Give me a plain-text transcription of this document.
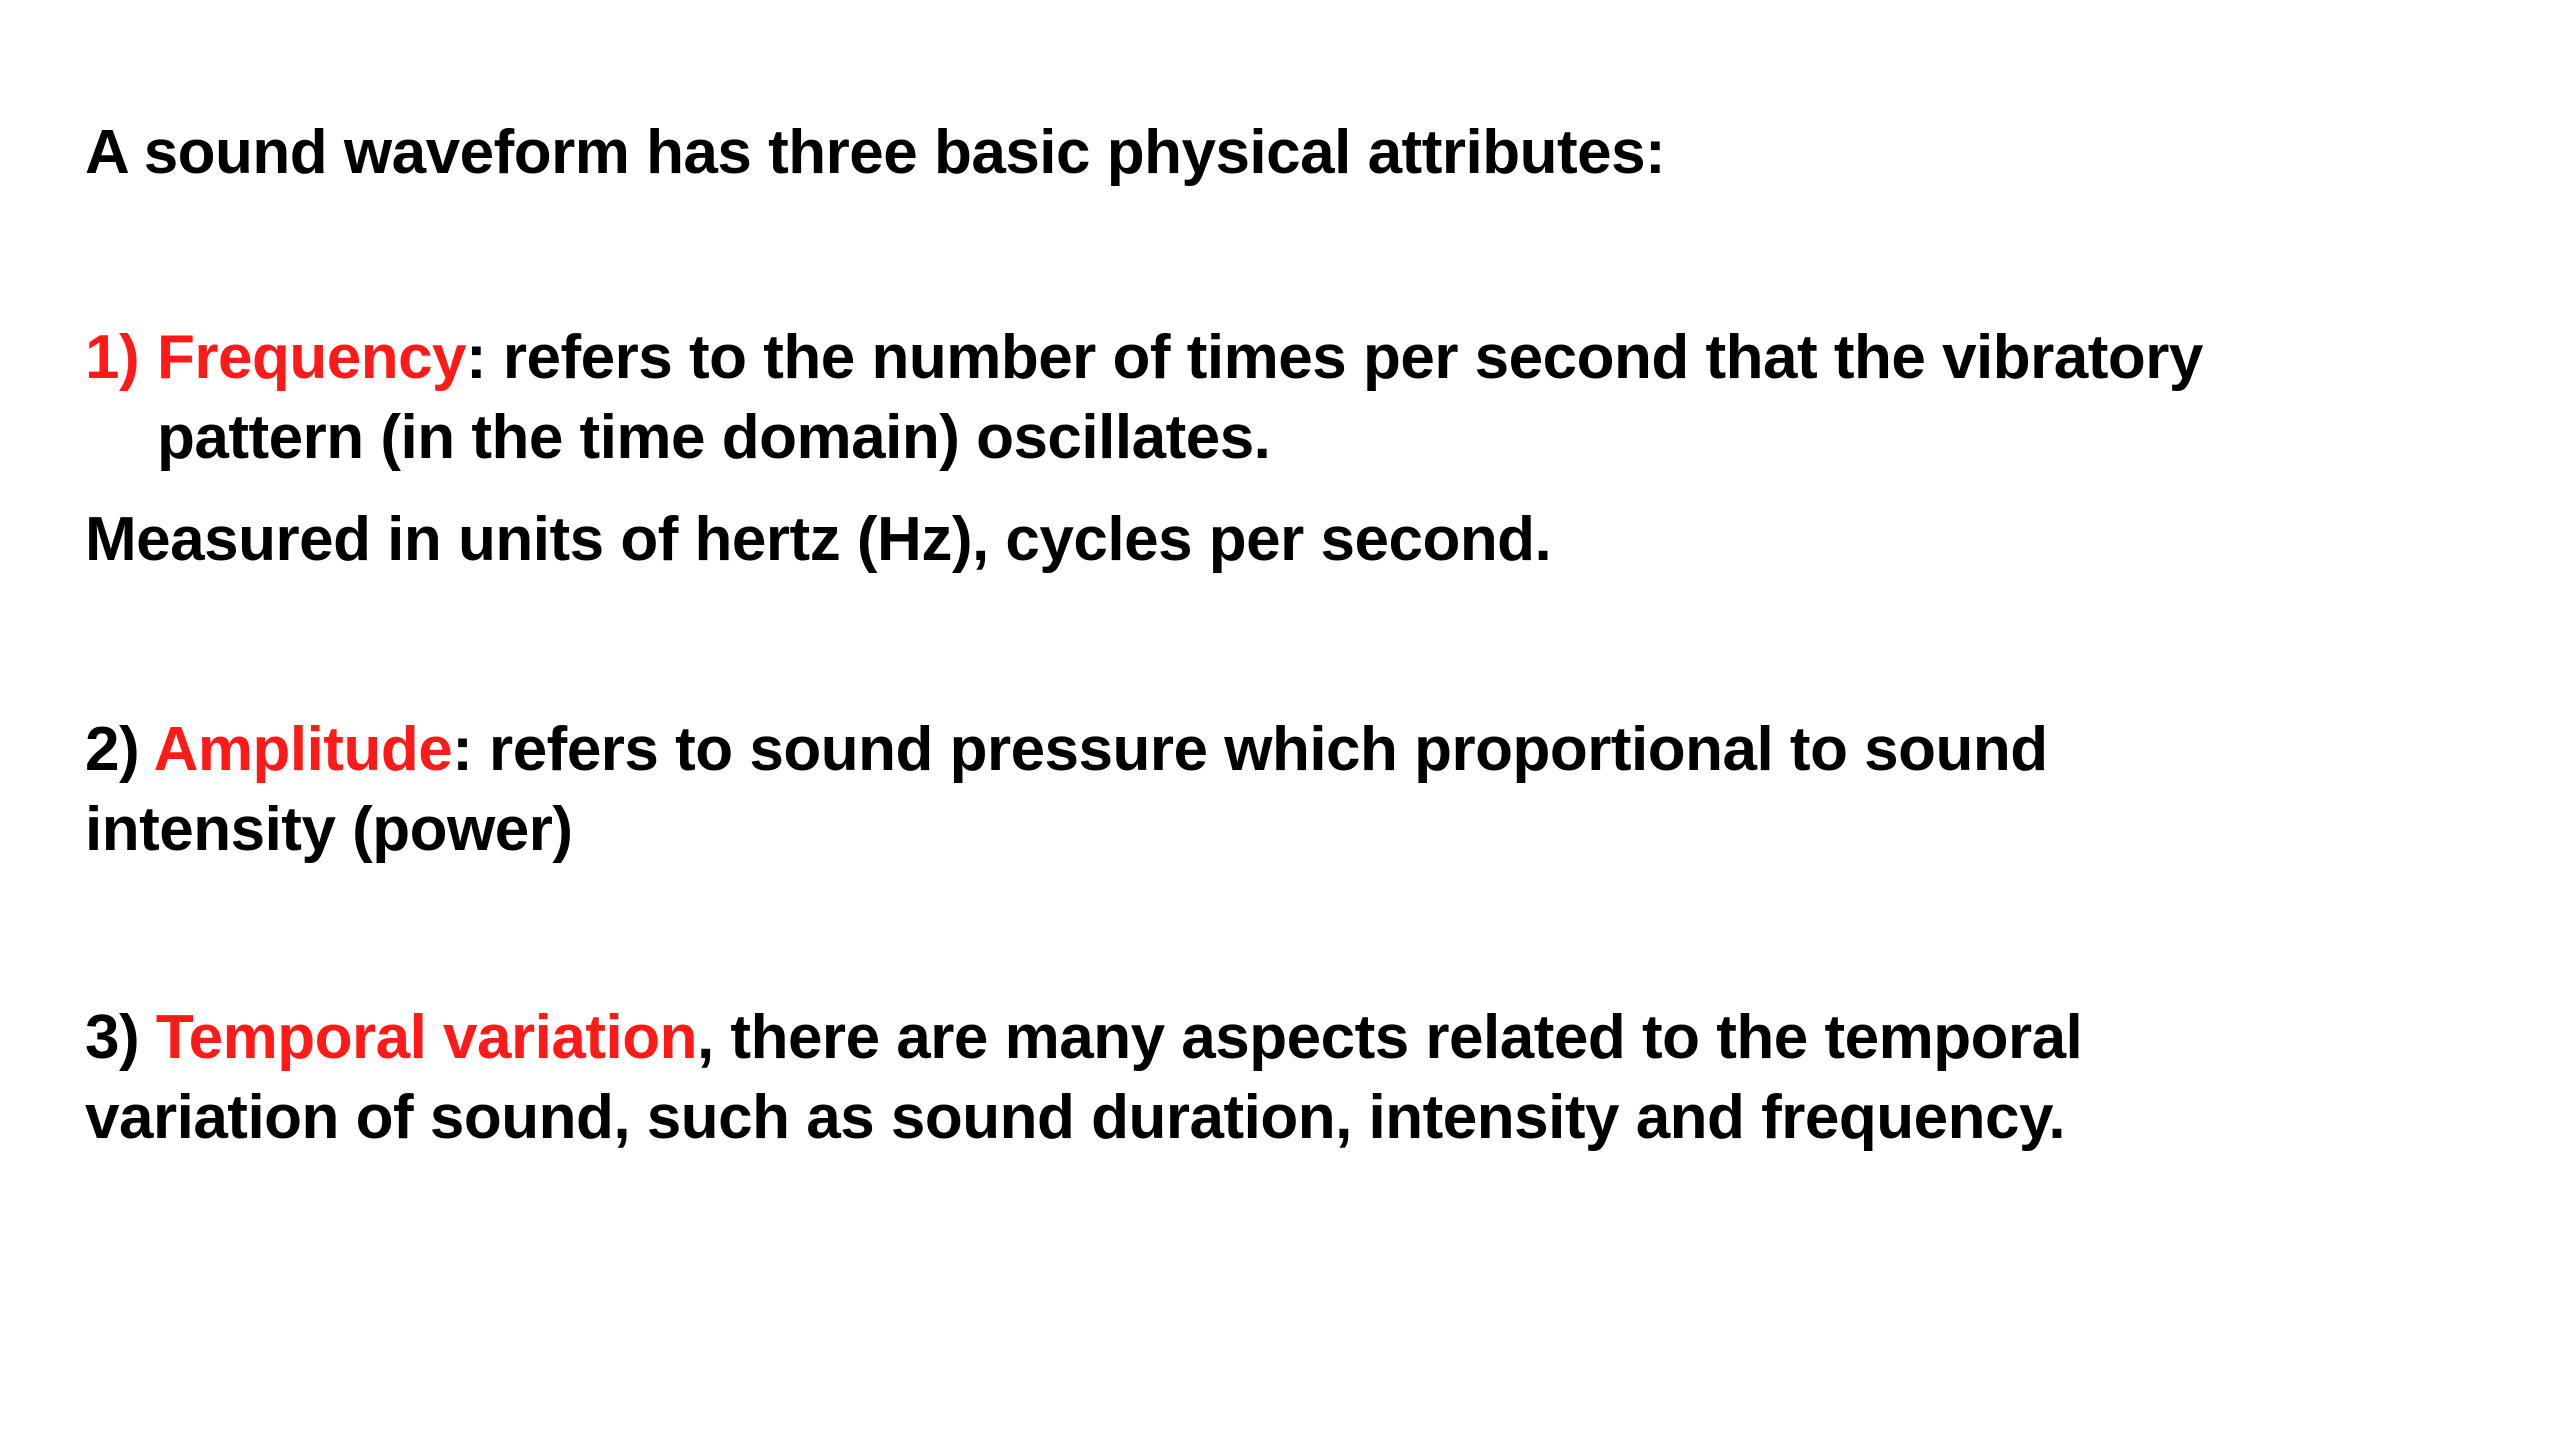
A sound waveform has three basic physical attributes:
1) Frequency: refers to the number of times per second that the vibratory
pattern (in the time domain) oscillates.
Measured in units of hertz (Hz), cycles per second.
2) Amplitude: refers to sound pressure which proportional to sound
intensity (power)
3) Temporal variation, there are many aspects related to the temporal
variation of sound, such as sound duration, intensity and frequency.
